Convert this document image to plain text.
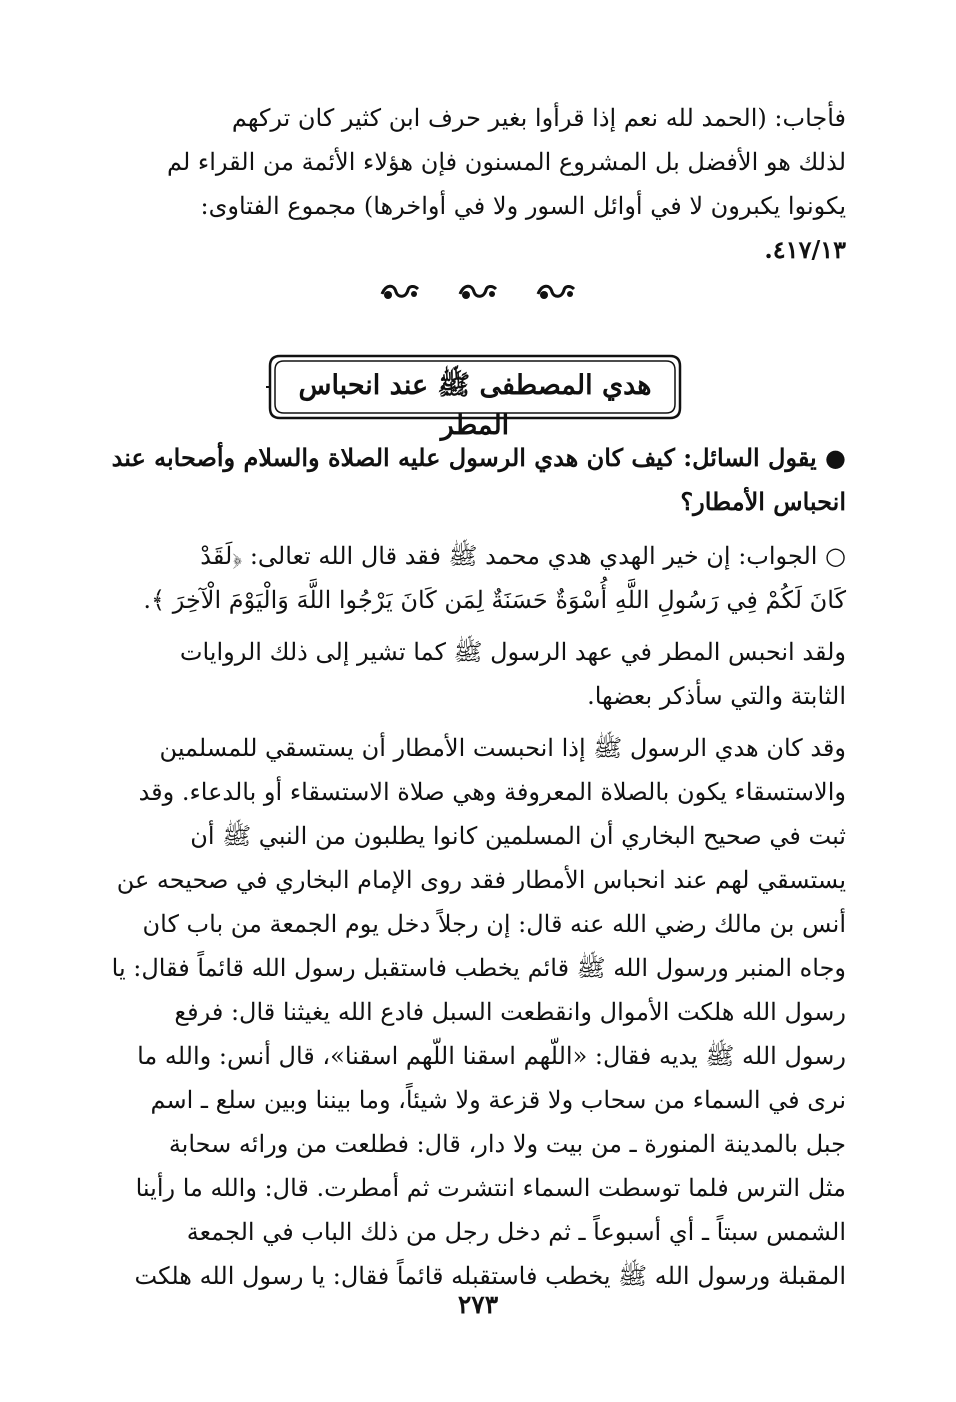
فأجاب: (الحمد لله نعم إذا قرأوا بغير حرف ابن كثير كان تركهم

لذلك هو الأفضل بل المشروع المسنون فإن هؤلاء الأئمة من القراء لم

يكونوا يكبرون لا في أوائل السور ولا في أواخرها) مجموع الفتاوى:

٤١٧/١٣.

هدي المصطفى ﷺ عند انحباس المطر

● يقول السائل: كيف كان هدي الرسول عليه الصلاة والسلام وأصحابه عند

انحباس الأمطار؟

○ الجواب: إن خير الهدي هدي محمد ﷺ فقد قال الله تعالى: ﴿لَقَدْ

كَانَ لَكُمْ فِي رَسُولِ اللَّهِ أُسْوَةٌ حَسَنَةٌ لِمَن كَانَ يَرْجُوا اللَّهَ وَالْيَوْمَ الْآخِرَ ﴾.

ولقد انحبس المطر في عهد الرسول ﷺ كما تشير إلى ذلك الروايات

الثابتة والتي سأذكر بعضها.

وقد كان هدي الرسول ﷺ إذا انحبست الأمطار أن يستسقي للمسلمين

والاستسقاء يكون بالصلاة المعروفة وهي صلاة الاستسقاء أو بالدعاء. وقد

ثبت في صحيح البخاري أن المسلمين كانوا يطلبون من النبي ﷺ أن

يستسقي لهم عند انحباس الأمطار فقد روى الإمام البخاري في صحيحه عن

أنس بن مالك رضي الله عنه قال: إن رجلاً دخل يوم الجمعة من باب كان

وجاه المنبر ورسول الله ﷺ قائم يخطب فاستقبل رسول الله قائماً فقال: يا

رسول الله هلكت الأموال وانقطعت السبل فادع الله يغيثنا قال: فرفع

رسول الله ﷺ يديه فقال: «اللّهم اسقنا اللّهم اسقنا»، قال أنس: والله ما

نرى في السماء من سحاب ولا قزعة ولا شيئاً، وما بيننا وبين سلع ـ اسم

جبل بالمدينة المنورة ـ من بيت ولا دار، قال: فطلعت من ورائه سحابة

مثل الترس فلما توسطت السماء انتشرت ثم أمطرت. قال: والله ما رأينا

الشمس سبتاً ـ أي أسبوعاً ـ ثم دخل رجل من ذلك الباب في الجمعة

المقبلة ورسول الله ﷺ يخطب فاستقبله قائماً فقال: يا رسول الله هلكت

٢٧٣
